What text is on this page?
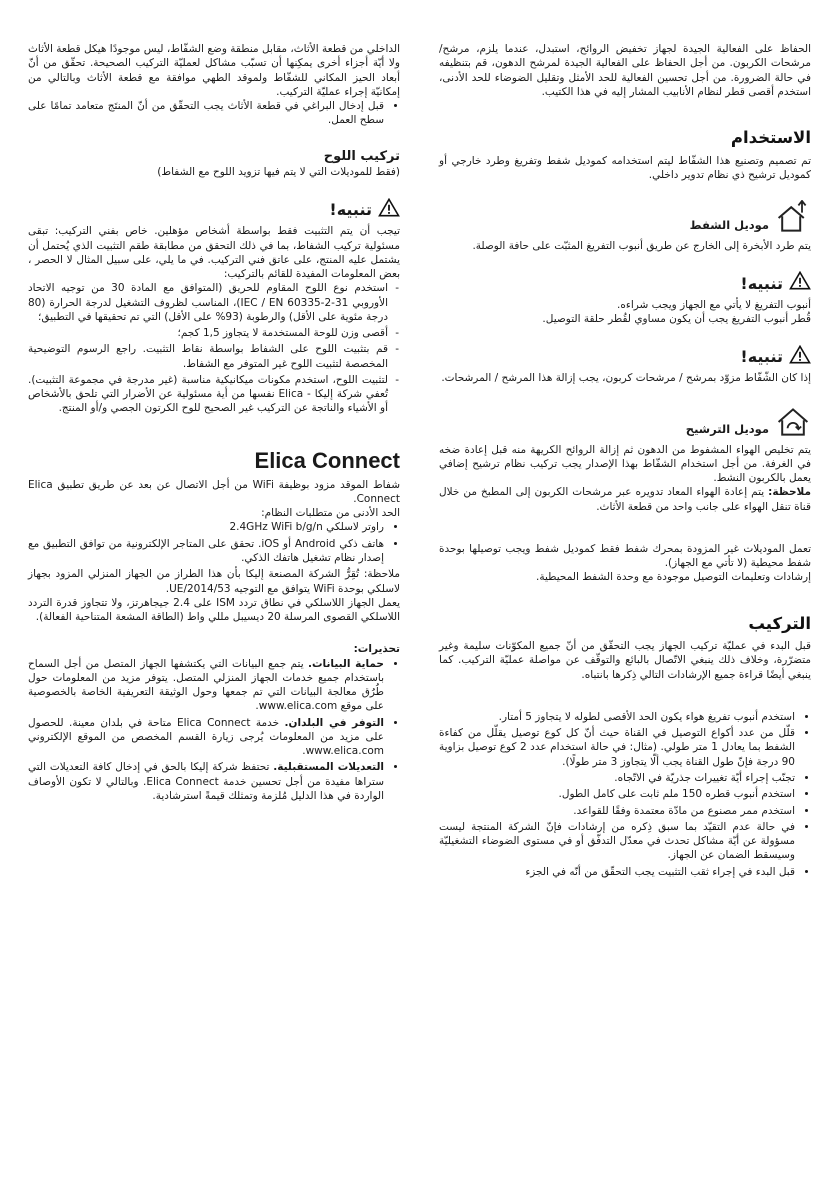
الحفاظ على الفعالية الجيدة لجهاز تخفيض الروائح، استبدل، عندما يلزم، مرشح/مرشحات الكربون. من أجل الحفاظ على الفعالية الجيدة لمرشح الدهون، قم بتنظيفه في حالة الضرورة. من أجل تحسين الفعالية للحد الأمثل وتقليل الضوضاء للحد الأدنى، استخدم أقصى قطر لنظام الأنابيب المشار إليه في هذا الكتيب.

الاستخدام

تم تصميم وتصنيع هذا الشفّاط ليتم استخدامه كموديل شفط وتفريغ وطرد خارجي أو كموديل ترشيح ذي نظام تدوير داخلي.

موديل الشفط

يتم طرد الأبخرة إلى الخارج عن طريق أنبوب التفريغ المثبّت على حافة الوصلة.

تنبيه!

أنبوب التفريغ لا يأتي مع الجهاز ويجب شراءه.

قُطر أنبوب التفريغ يجب أن يكون مساوي لقُطر حلقة التوصيل.

تنبيه!

إذا كان الشّفّاط مزوّد بمرشح / مرشحات كربون، يجب إزالة هذا المرشح / المرشحات.

موديل الترشيح

يتم تخليص الهواء المشفوط من الدهون ثم إزالة الروائح الكريهة منه قبل إعادة ضخه في الغرفة. من أجل استخدام الشفّاط بهذا الإصدار يجب تركيب نظام ترشيح إضافي يعمل بالكربون النشط.

ملاحظة: يتم إعادة الهواء المعاد تدويره عبر مرشحات الكربون إلى المطبخ من خلال قناة تنقل الهواء على جانب واحد من قطعة الأثاث.

تعمل الموديلات غير المزودة بمحرك شفط فقط كموديل شفط ويجب توصيلها بوحدة شفط محيطية (لا تأتي مع الجهاز).

إرشادات وتعليمات التوصيل موجودة مع وحدة الشفط المحيطية.

التركيب

قبل البدء في عمليّة تركيب الجهاز يجب التحقّق من أنّ جميع المكوّنات سليمة وغير متضرّرة، وخلاف ذلك ينبغي الاتّصال بالبائع والتوقّف عن مواصلة عمليّة التركيب. كما ينبغي أيضًا قراءة جميع الإرشادات التالي ذِكرها بانتباه.

• استخدم أنبوب تفريغ هواء يكون الحد الأقصى لطوله لا يتجاوز 5 أمتار.
• قلّل من عدد أكواع التوصيل في القناة حيث أنّ كل كوع توصيل يقلّل من كفاءة الشفط بما يعادل 1 متر طولي. (مثال: في حالة استخدام عدد 2 كوع توصيل بزاوية 90 درجة فإنّ طول القناة يجب ألّا يتجاوز 3 متر طولًا).
• تجنّب إجراء أيّة تغييرات جذريّة في الاتّجاه.
• استخدم أنبوب قطره 150 ملم ثابت على كامل الطول.
• استخدم ممر مصنوع من مادّة معتمدة وفقًا للقواعد.
• في حالة عدم التقيّد بما سبق ذِكره من إرشادات فإنّ الشركة المنتجة ليست مسؤولة عن أيّة مشاكل تحدث في معدّل التدفّق أو في مستوى الضوضاء التشغيليّة وسيسقط الضمان عن الجهاز.
• قبل البدء في إجراء ثقب التثبيت يجب التحقّق من أنّه في الجزء

الداخلي من قطعة الأثاث، مقابل منطقة وضع الشفّاط، ليس موجودًا هيكل قطعة الأثاث ولا أيّة أجزاء أخرى يمكِنها أن تسبّب مشاكل لعمليّة التركيب الصحيحة. تحقّق من أنّ أبعاد الحيز المكاني للشفّاط ولموقد الطهي موافقة مع قطعة الأثاث وبالتالي من إمكانيّة إجراء عمليّة التركيب.

• قبل إدخال البراغي في قطعة الأثاث يجب التحقّق من أنّ المنتَج متعامد تمامًا على سطح العمل.
تركيب اللوح

(فقط للموديلات التي لا يتم فيها تزويد اللوح مع الشفاط)

تنبيه!

تيجب أن يتم التثبيت فقط بواسطة أشخاص مؤهلين. خاص بفني التركيب: تبقى مسئولية تركيب الشفاط، بما في ذلك التحقق من مطابقة طقم التثبيت الذي يُحتمل أن يشتمل عليه المنتج، على عاتق فني التركيب. في ما يلي، على سبيل المثال لا الحصر ، بعض المعلومات المفيدة للقائم بالتركيب:

- استخدم نوع اللوح المقاوم للحريق (المتوافق مع المادة 30 من توجيه الاتحاد الأوروبي IEC / EN 60335-2-31)، المناسب لظروف التشغيل لدرجة الحرارة (80 درجة مئوية على الأقل) والرطوبة (93% على الأقل) التي تم تحقيقها في التطبيق؛
- أقصى وزن للوحة المستخدمة لا يتجاوز 1,5 كجم؛
- قم بتثبيت اللوح على الشفاط بواسطة نقاط التثبيت. راجع الرسوم التوضيحية المخصصة لتثبيت اللوح غير المتوفر مع الشفاط.
- لتثبيت اللوح، استخدم مكونات ميكانيكية مناسبة (غير مدرجة في مجموعة التثبيت). تُعفي شركة إليكا - Elica نفسها من أية مسئولية عن الأضرار التي تلحق بالأشخاص أو الأشياء والناتجة عن التركيب غير الصحيح للوح الكرتون الجصي و/أو المنتج.
Elica Connect

شفاط الموقد مزود بوظيفة WiFi من أجل الاتصال عن بعد عن طريق تطبيق Elica Connect.

الحد الأدنى من متطلبات النظام:

• راوتر لاسلكي 2.4GHz WiFi b/g/n
• هاتف ذكي Android أو iOS. تحقق على المتاجر الإلكترونية من توافق التطبيق مع إصدار نظام تشغيل هاتفك الذكي.

ملاحظة: تُقِرُّ الشركة المصنعة إليكا بأن هذا الطراز من الجهاز المنزلي المزود بجهاز لاسلكي بوحدة WiFi يتوافق مع التوجيه 2014/53/UE.

يعمل الجهاز اللاسلكي في نطاق تردد ISM على 2.4 جيجاهرتز، ولا تتجاوز قدرة التردد اللاسلكي القصوى المرسلة 20 ديسيبل مللي واط (الطاقة المشعة المتناحية الفعالة).

تحذيرات:

• حماية البيانات. يتم جمع البيانات التي يكتشفها الجهاز المتصل من أجل السماح باستخدام جميع خدمات الجهاز المنزلي المتصل. يتوفر مزيد من المعلومات حول طُرُق معالجة البيانات التي تم جمعها وحول الوثيقة التعريفية الخاصة بالخصوصية على موقع www.elica.com.
• التوفر في البلدان. خدمة Elica Connect متاحة في بلدان معينة. للحصول على مزيد من المعلومات يُرجى زيارة القسم المخصص من الموقع الإلكتروني www.elica.com.
• التعديلات المستقبلية. تحتفظ شركة إليكا بالحق في إدخال كافة التعديلات التي ستراها مفيدة من أجل تحسين خدمة Elica Connect. وبالتالي لا تكون الأوصاف الواردة في هذا الدليل مُلزمة وتمثلك قيمةً استرشادية.
